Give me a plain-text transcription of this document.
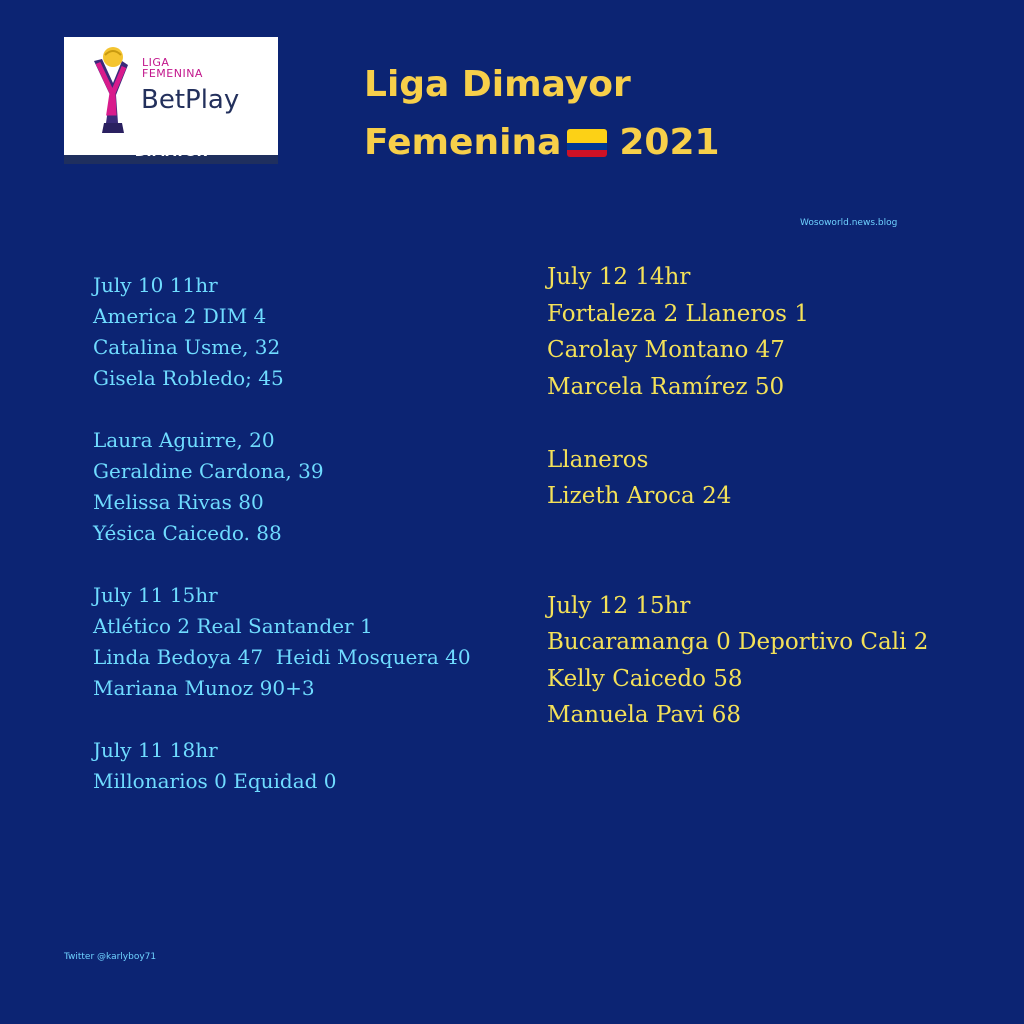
LIGA
FEMENINA
BetPlay
DIMAYOR
Liga Dimayor
Femenina 2021
Wosoworld.news.blog
July 10 11hr
America 2 DIM 4
Catalina Usme, 32
Gisela Robledo; 45
Laura Aguirre, 20
Geraldine Cardona, 39
Melissa Rivas 80
Yésica Caicedo. 88
July 11 15hr
Atlético 2 Real Santander 1
Linda Bedoya 47  Heidi Mosquera 40
Mariana Munoz 90+3
July 11 18hr
Millonarios 0 Equidad 0
July 12 14hr
Fortaleza 2 Llaneros 1
Carolay Montano 47
Marcela Ramírez 50
Llaneros
Lizeth Aroca 24
July 12 15hr
Bucaramanga 0 Deportivo Cali 2
Kelly Caicedo 58
Manuela Pavi 68
Twitter @karlyboy71
